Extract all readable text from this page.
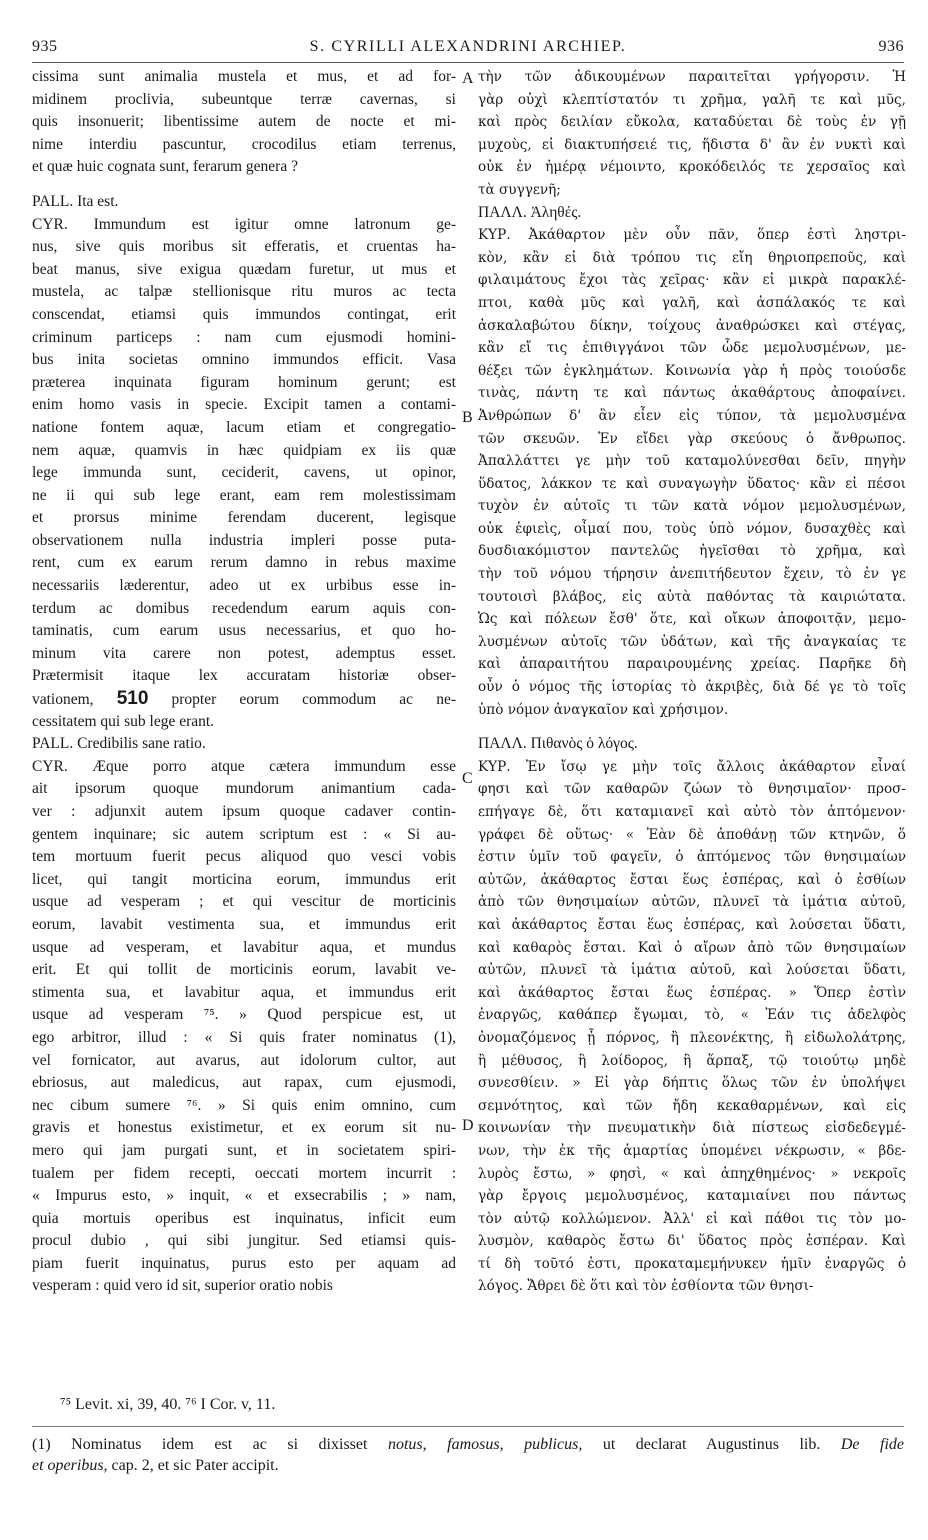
935	S. CYRILLI ALEXANDRINI ARCHIEP.	936
cissima sunt animalia mustela et mus, et ad for-
midinem proclivia, subeuntque terræ cavernas, si
quis insonuerit; libentissime autem de nocte et mi-
nime interdiu pascuntur, crocodilus etiam terrenus,
et quæ huic cognata sunt, ferarum genera ?
PALL. Ita est.
CYR. Immundum est igitur omne latronum ge-
nus, sive quis moribus sit efferatis, et cruentas ha-
beat manus, sive exigua quædam furetur, ut mus et
mustela, ac talpæ stellionisque ritu muros ac tecta
conscendat, etiamsi quis immundos contingat, erit
criminum particeps : nam cum ejusmodi homini-
bus inita societas omnino immundos efficit. Vasa
præterea inquinata figuram hominum gerunt; est
enim homo vasis in specie. Excipit tamen a contami-
natione fontem aquæ, lacum etiam et congregatio-
nem aquæ, quamvis in hæc quidpiam ex iis quæ
lege immunda sunt, ceciderit, cavens, ut opinor,
ne ii qui sub lege erant, eam rem molestissimam
et prorsus minime ferendam ducerent, legisque
observationem nulla industria impleri posse puta-
rent, cum ex earum rerum damno in rebus maxime
necessariis læderentur, adeo ut ex urbibus esse in-
terdum ac domibus recedendum earum aquis con-
taminatis, cum earum usus necessarius, et quo ho-
minum vita carere non potest, ademptus esset.
Prætermisit itaque lex accuratam historiæ obser-
vationem, 510 propter eorum commodum ac ne-
cessitatem qui sub lege erant.
PALL. Credibilis sane ratio.
CYR. Æque porro atque cætera immundum esse
ait ipsorum quoque mundorum animantium cada-
ver : adjunxit autem ipsum quoque cadaver contin-
gentem inquinare; sic autem scriptum est : « Si au-
tem mortuum fuerit pecus aliquod quo vesci vobis
licet, qui tangit morticina eorum, immundus erit
usque ad vesperam ; et qui vescitur de morticinis
eorum, lavabit vestimenta sua, et immundus erit
usque ad vesperam, et lavabitur aqua, et mundus
erit. Et qui tollit de morticinis eorum, lavabit ve-
stimenta sua, et lavabitur aqua, et immundus erit
usque ad vesperam ⁷⁵. » Quod perspicue est, ut
ego arbitror, illud : « Si quis frater nominatus (1),
vel fornicator, aut avarus, aut idolorum cultor, aut
ebriosus, aut maledicus, aut rapax, cum ejusmodi,
nec cibum sumere ⁷⁶. » Si quis enim omnino, cum
gravis et honestus existimetur, et ex eorum sit nu-
mero qui jam purgati sunt, et in societatem spiri-
tualem per fidem recepti, oeccati mortem incurrit :
« Impurus esto, » inquit, « et exsecrabilis ; » nam,
quia mortuis operibus est inquinatus, inficit eum
procul dubio , qui sibi jungitur. Sed etiamsi quis-
piam fuerit inquinatus, purus esto per aquam ad
vesperam : quid vero id sit, superior oratio nobis
τὴν τῶν ἀδικουμένων παραιτεῖται γρήγορσιν. Ἡ
γὰρ οὐχὶ κλεπτίστατόν τι χρῆμα, γαλῆ τε καὶ μῦς,
καὶ πρὸς δειλίαν εὔκολα, καταδύεται δὲ τοὺς ἐν γῇ
μυχοὺς, εἰ διακτυπήσειέ τις, ἥδιστα δ' ἂν ἐν νυκτὶ καὶ
οὐκ ἐν ἡμέρᾳ νέμοιντο, κροκόδειλός τε χερσαῖος καὶ
τὰ συγγενῆ;
ΠΑΛΛ. Ἀληθές.
ΚΥΡ. Ἀκάθαρτον μὲν οὖν πᾶν, ὅπερ ἐστὶ ληστρι-
κὸν, κἂν εἰ διὰ τρόπου τις εἴη θηριοπρεποῦς, καὶ
φιλαιμάτους ἔχοι τὰς χεῖρας· κἂν εἰ μικρὰ παρακλέ-
πτοι, καθὰ μῦς καὶ γαλῆ, καὶ ἀσπάλακός τε καὶ
ἀσκαλαβώτου δίκην, τοίχους ἀναθρώσκει καὶ στέγας,
κἂν εἴ τις ἐπιθιγγάνοι τῶν ὧδε μεμολυσμένων, με-
θέξει τῶν ἐγκλημάτων. Κοινωνία γὰρ ἡ πρὸς τοιούσδε
τινὰς, πάντη τε καὶ πάντως ἀκαθάρτους ἀποφαίνει.
Ἀνθρώπων δ' ἂν εἶεν εἰς τύπον, τὰ μεμολυσμένα
τῶν σκευῶν. Ἐν εἴδει γὰρ σκεύους ὁ ἄνθρωπος.
Ἀπαλλάττει γε μὴν τοῦ καταμολύνεσθαι δεῖν, πηγὴν
ὕδατος, λάκκον τε καὶ συναγωγὴν ὕδατος· κἂν εἰ πέσοι
τυχὸν ἐν αὐτοῖς τι τῶν κατὰ νόμον μεμολυσμένων,
οὐκ ἐφιεὶς, οἶμαί που, τοὺς ὑπὸ νόμον, δυσαχθὲς καὶ
δυσδιακόμιστον παντελῶς ἡγεῖσθαι τὸ χρῆμα, καὶ
τὴν τοῦ νόμου τήρησιν ἀνεπιτήδευτον ἔχειν, τὸ ἐν γε
τουτοισὶ βλάβος, εἰς αὐτὰ παθόντας τὰ καιριώτατα.
Ὡς καὶ πόλεων ἔσθ' ὅτε, καὶ οἴκων ἀποφοιτᾷν, μεμο-
λυσμένων αὐτοῖς τῶν ὑδάτων, καὶ τῆς ἀναγκαίας τε
καὶ ἀπαραιτήτου παραιρουμένης χρείας. Παρῆκε δὴ
οὖν ὁ νόμος τῆς ἱστορίας τὸ ἀκριβὲς, διὰ δέ γε τὸ τοῖς
ὑπὸ νόμον ἀναγκαῖον καὶ χρήσιμον.
ΠΑΛΛ. Πιθανὸς ὁ λόγος.
ΚΥΡ. Ἐν ἴσῳ γε μὴν τοῖς ἄλλοις ἀκάθαρτον εἶναί
φησι καὶ τῶν καθαρῶν ζώων τὸ θνησιμαῖον· προσ-
επήγαγε δὲ, ὅτι καταμιανεῖ καὶ αὐτὸ τὸν ἁπτόμενον·
γράφει δὲ οὕτως· « Ἐὰν δὲ ἀποθάνῃ τῶν κτηνῶν, ὅ
ἐστιν ὑμῖν τοῦ φαγεῖν, ὁ ἁπτόμενος τῶν θνησιμαίων
αὐτῶν, ἀκάθαρτος ἔσται ἕως ἑσπέρας, καὶ ὁ ἐσθίων
ἀπὸ τῶν θνησιμαίων αὐτῶν, πλυνεῖ τὰ ἱμάτια αὐτοῦ,
καὶ ἀκάθαρτος ἔσται ἕως ἑσπέρας, καὶ λούσεται ὕδατι,
καὶ καθαρὸς ἔσται. Καὶ ὁ αἴρων ἀπὸ τῶν θνησιμαίων
αὐτῶν, πλυνεῖ τὰ ἱμάτια αὐτοῦ, καὶ λούσεται ὕδατι,
καὶ ἀκάθαρτος ἔσται ἕως ἑσπέρας. » Ὅπερ ἐστὶν
ἐναργῶς, καθάπερ ἔγωμαι, τὸ, « Ἐάν τις ἀδελφὸς
ὀνομαζόμενος ᾖ πόρνος, ἢ πλεονέκτης, ἢ εἰδωλολάτρης,
ἢ μέθυσος, ἢ λοίδορος, ἢ ἅρπαξ, τῷ τοιούτῳ μηδὲ
συνεσθίειν. » Εἰ γὰρ δήπτις ὅλως τῶν ἐν ὑπολήψει
σεμνότητος, καὶ τῶν ἤδη κεκαθαρμένων, καὶ εἰς
κοινωνίαν τὴν πνευματικὴν διὰ πίστεως εἰσδεδεγμέ-
νων, τὴν ἐκ τῆς ἁμαρτίας ὑπομένει νέκρωσιν, « βδε-
λυρὸς ἔστω, » φησὶ, « καὶ ἀπηχθημένος· » νεκροῖς
γὰρ ἔργοις μεμολυσμένος, καταμιαίνει που πάντως
τὸν αὐτῷ κολλώμενον. Ἀλλ' εἰ καὶ πάθοι τις τὸν μο-
λυσμὸν, καθαρὸς ἔστω δι' ὕδατος πρὸς ἑσπέραν. Καὶ
τί δὴ τοῦτό ἐστι, προκαταμεμήνυκεν ἡμῖν ἐναργῶς ὁ
λόγος. Ἄθρει δὲ ὅτι καὶ τὸν ἐσθίοντα τῶν θνησι-
A
B
C
D
⁷⁵ Levit. xi, 39, 40. ⁷⁶ I Cor. v, 11.
(1) Nominatus idem est ac si dixisset notus, famosus, publicus, ut declarat Augustinus lib. De fide
et operibus, cap. 2, et sic Pater accipit.
